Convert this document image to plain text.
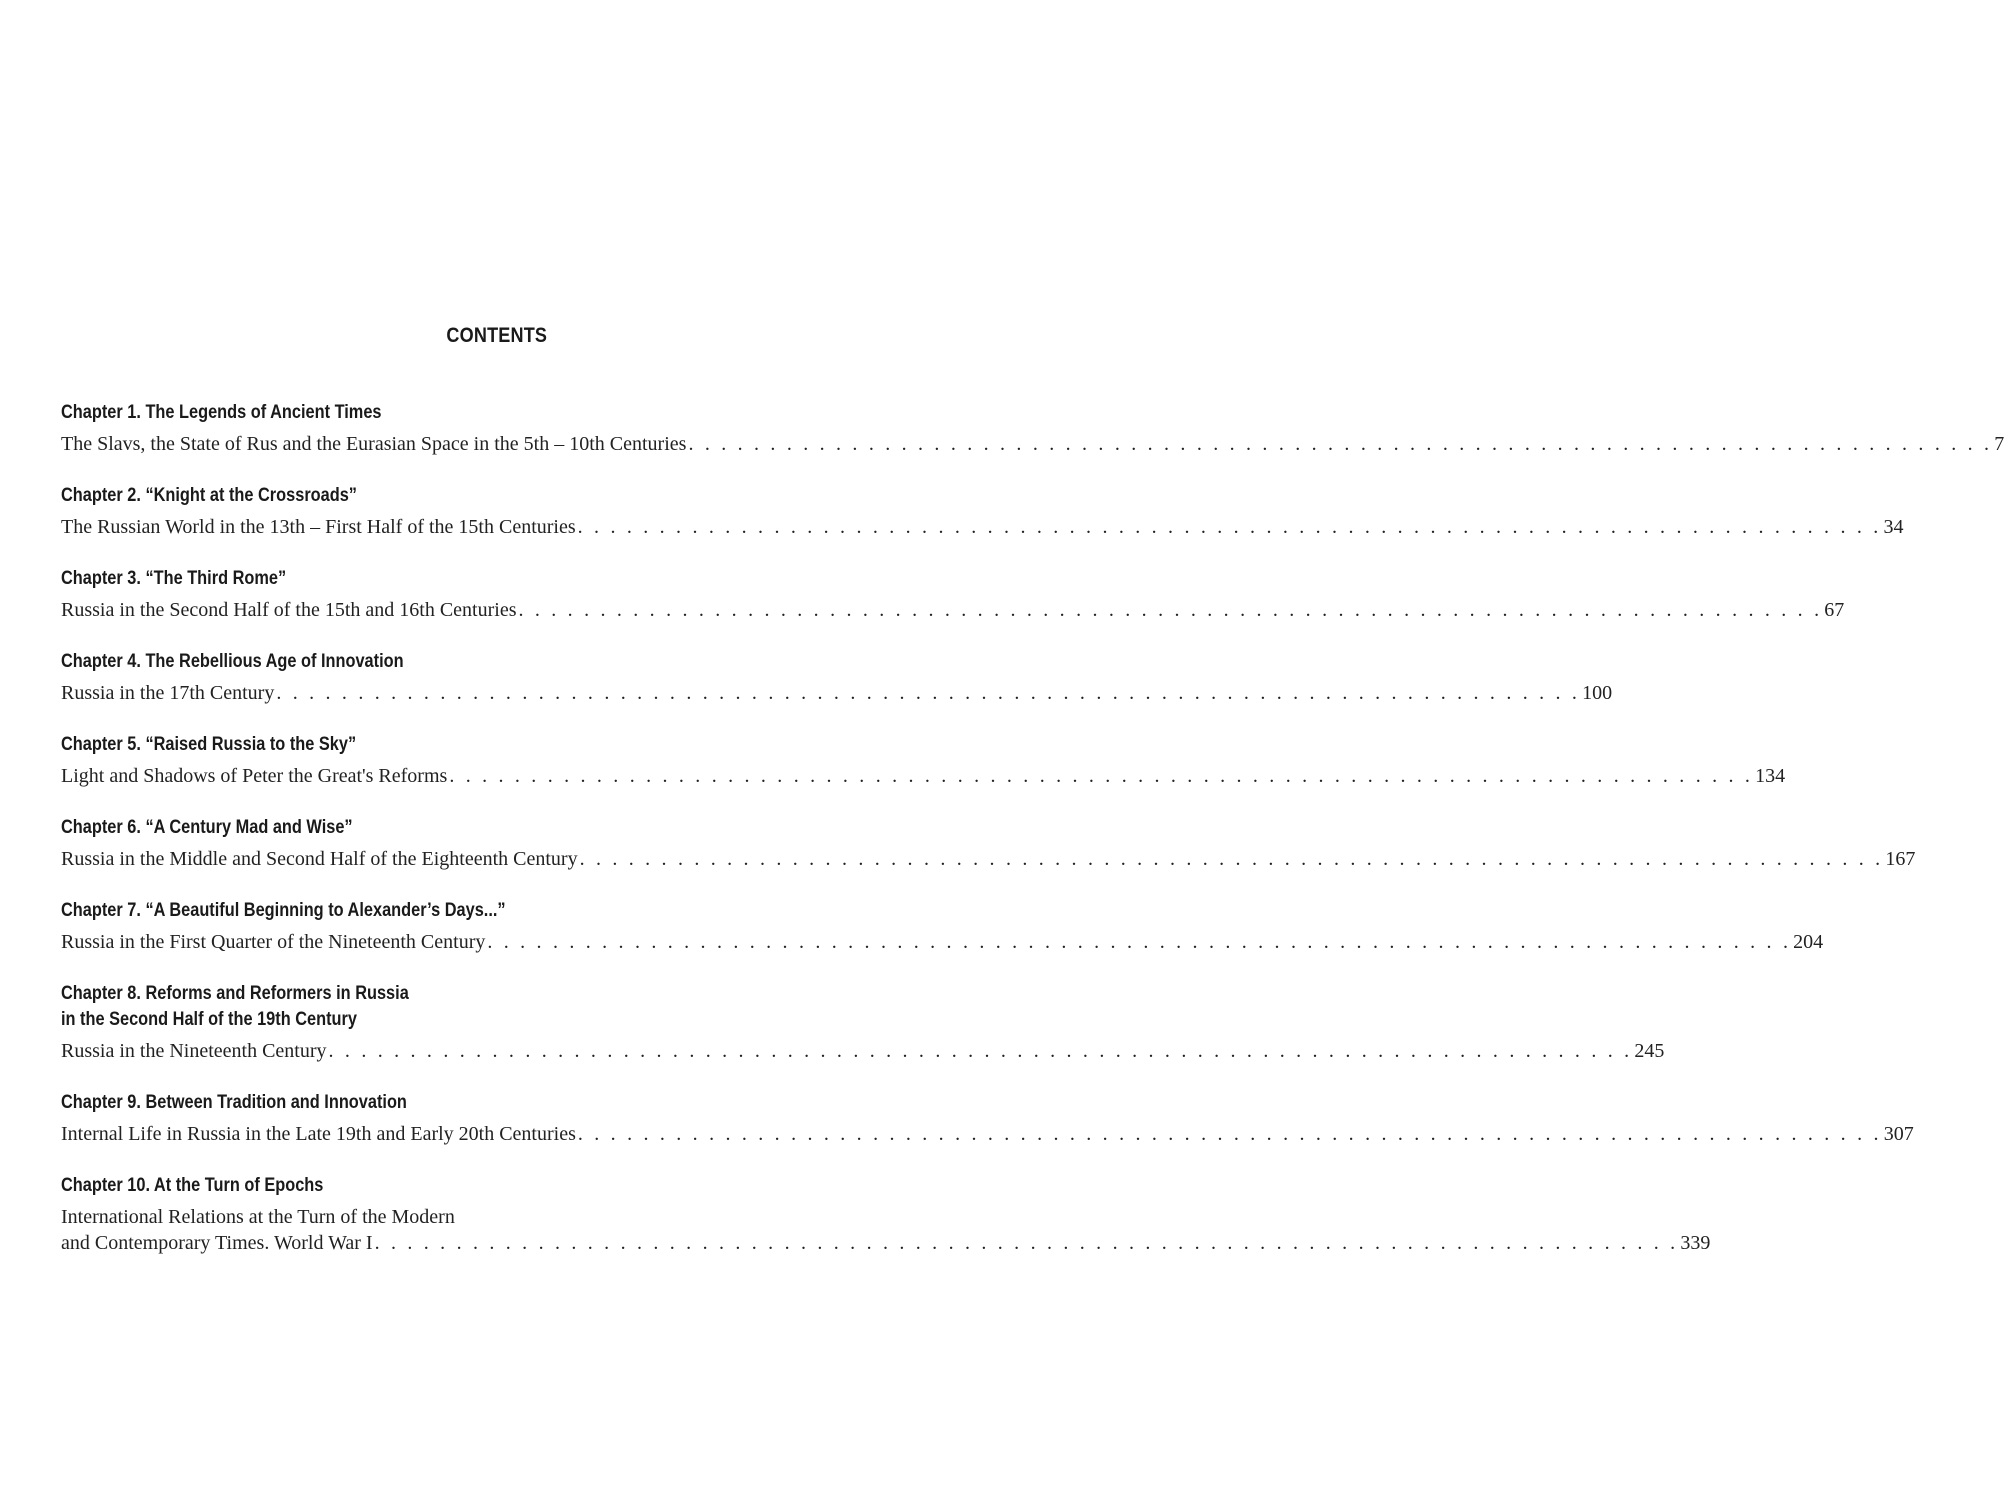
CONTENTS
Chapter 1. The Legends of Ancient Times
The Slavs, the State of Rus and the Eurasian Space in the 5th – 10th Centuries . . . . . . . . . . . . . . . . . . . . . . . . . . . . . . . . . . . . . . . . . . . . . . . . . . . . . . . . . . . . . . . . . . . . . . . . . . . . . . . . 7
Chapter 2. “Knight at the Crossroads”
The Russian World in the 13th – First Half of the 15th Centuries . . . . . . . . . . . . . . . . . . . . . . . . . . . . . . . . . . . . . . . . . . . . . . . . . . . . . . . . . . . . . . . . . . . . . . . . . . . . . . . . 34
Chapter 3. “The Third Rome”
Russia in the Second Half of the 15th and 16th Centuries . . . . . . . . . . . . . . . . . . . . . . . . . . . . . . . . . . . . . . . . . . . . . . . . . . . . . . . . . . . . . . . . . . . . . . . . . . . . . . . . 67
Chapter 4. The Rebellious Age of Innovation
Russia in the 17th Century . . . . . . . . . . . . . . . . . . . . . . . . . . . . . . . . . . . . . . . . . . . . . . . . . . . . . . . . . . . . . . . . . . . . . . . . . . . . . . . . 100
Chapter 5. “Raised Russia to the Sky”
Light and Shadows of Peter the Great's Reforms . . . . . . . . . . . . . . . . . . . . . . . . . . . . . . . . . . . . . . . . . . . . . . . . . . . . . . . . . . . . . . . . . . . . . . . . . . . . . . . . 134
Chapter 6. “A Century Mad and Wise”
Russia in the Middle and Second Half of the Eighteenth Century . . . . . . . . . . . . . . . . . . . . . . . . . . . . . . . . . . . . . . . . . . . . . . . . . . . . . . . . . . . . . . . . . . . . . . . . . . . . . . . . 167
Chapter 7. “A Beautiful Beginning to Alexander’s Days...”
Russia in the First Quarter of the Nineteenth Century . . . . . . . . . . . . . . . . . . . . . . . . . . . . . . . . . . . . . . . . . . . . . . . . . . . . . . . . . . . . . . . . . . . . . . . . . . . . . . . . 204
Chapter 8. Reforms and Reformers in Russia
in the Second Half of the 19th Century
Russia in the Nineteenth Century . . . . . . . . . . . . . . . . . . . . . . . . . . . . . . . . . . . . . . . . . . . . . . . . . . . . . . . . . . . . . . . . . . . . . . . . . . . . . . . . 245
Chapter 9. Between Tradition and Innovation
Internal Life in Russia in the Late 19th and Early 20th Centuries . . . . . . . . . . . . . . . . . . . . . . . . . . . . . . . . . . . . . . . . . . . . . . . . . . . . . . . . . . . . . . . . . . . . . . . . . . . . . . . . 307
Chapter 10. At the Turn of Epochs
International Relations at the Turn of the Modern
and Contemporary Times. World War I . . . . . . . . . . . . . . . . . . . . . . . . . . . . . . . . . . . . . . . . . . . . . . . . . . . . . . . . . . . . . . . . . . . . . . . . . . . . . . . . 339
